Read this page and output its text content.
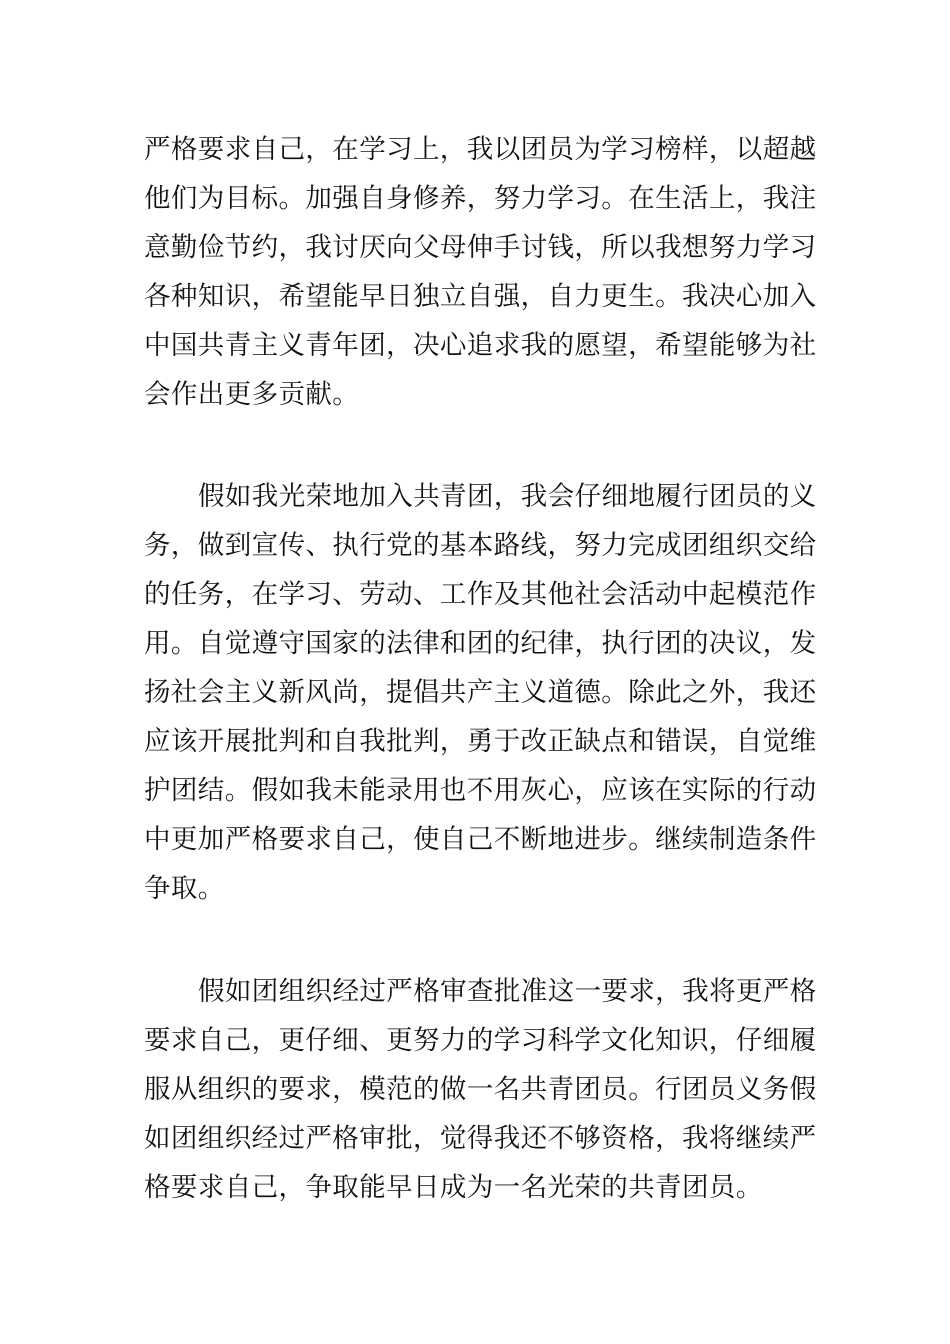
严格要求自己，在学习上，我以团员为学习榜样，以超越

他们为目标。加强自身修养，努力学习。在生活上，我注

意勤俭节约，我讨厌向父母伸手讨钱，所以我想努力学习

各种知识，希望能早日独立自强，自力更生。我决心加入

中国共青主义青年团，决心追求我的愿望，希望能够为社

会作出更多贡献。

假如我光荣地加入共青团，我会仔细地履行团员的义

务，做到宣传、执行党的基本路线，努力完成团组织交给

的任务，在学习、劳动、工作及其他社会活动中起模范作

用。自觉遵守国家的法律和团的纪律，执行团的决议，发

扬社会主义新风尚，提倡共产主义道德。除此之外，我还

应该开展批判和自我批判，勇于改正缺点和错误，自觉维

护团结。假如我未能录用也不用灰心，应该在实际的行动

中更加严格要求自己，使自己不断地进步。继续制造条件

争取。

假如团组织经过严格审查批准这一要求，我将更严格

要求自己，更仔细、更努力的学习科学文化知识，仔细履

服从组织的要求，模范的做一名共青团员。行团员义务假

如团组织经过严格审批，觉得我还不够资格，我将继续严

格要求自己，争取能早日成为一名光荣的共青团员。
